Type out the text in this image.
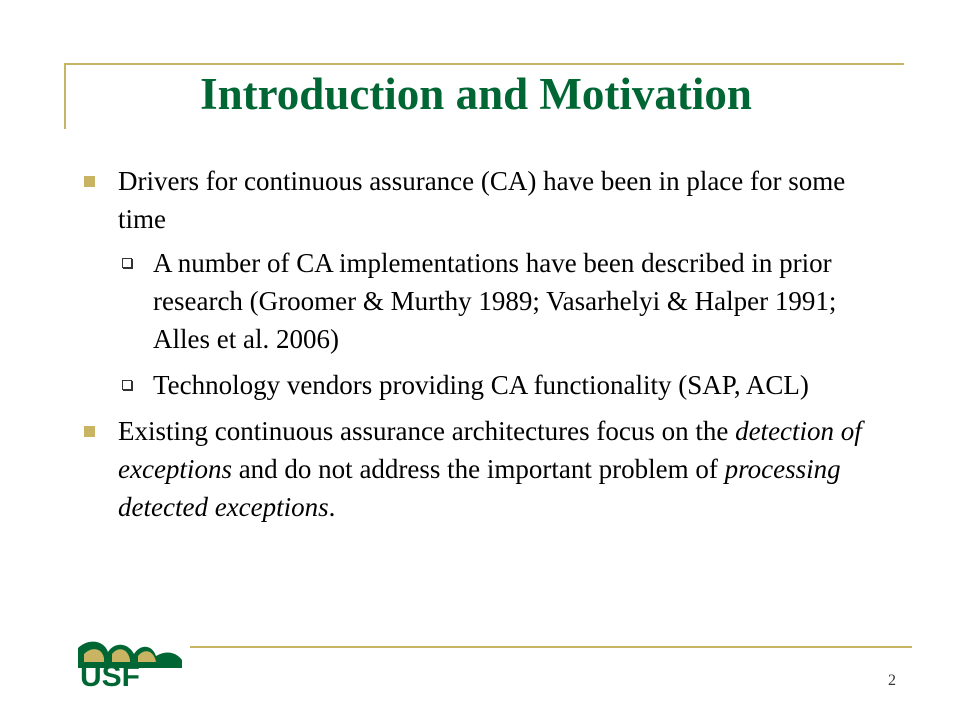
Introduction and Motivation
Drivers for continuous assurance (CA) have been in place for some time
A number of CA implementations have been described in prior research (Groomer & Murthy 1989; Vasarhelyi & Halper 1991; Alles et al. 2006)
Technology vendors providing CA functionality (SAP, ACL)
Existing continuous assurance architectures focus on the detection of exceptions and do not address the important problem of processing detected exceptions.
USF	2
